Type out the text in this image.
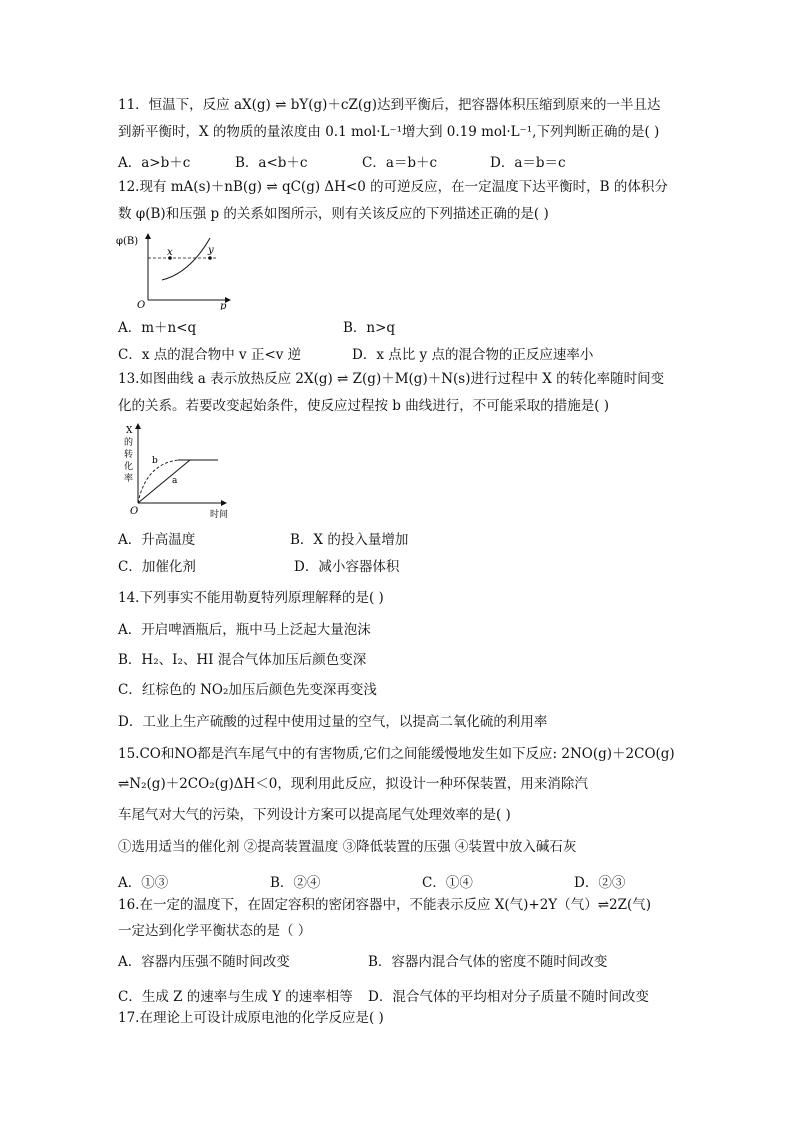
11．恒温下，反应 aX(g) ⇌ bY(g)＋cZ(g)达到平衡后，把容器体积压缩到原来的一半且达
到新平衡时，X 的物质的量浓度由 0.1 mol·L⁻¹增大到 0.19 mol·L⁻¹,下列判断正确的是( )
A．a>b＋c	B．a<b＋c	C．a＝b＋c	D．a＝b＝c
12.现有 mA(s)＋nB(g) ⇌ qC(g) ΔH<0 的可逆反应，在一定温度下达平衡时，B 的体积分
数 φ(B)和压强 p 的关系如图所示，则有关该反应的下列描述正确的是( )
x	y
φ(B)
O	p
A．m＋n<q	B．n>q
C．x 点的混合物中 v 正<v 逆	D．x 点比 y 点的混合物的正反应速率小
13.如图曲线 a 表示放热反应 2X(g) ⇌ Z(g)＋M(g)＋N(s)进行过程中 X 的转化率随时间变
化的关系。若要改变起始条件，使反应过程按 b 曲线进行，不可能采取的措施是( )
b
a
X
的
转
化
率
O	时间
A．升高温度	B．X 的投入量增加
C．加催化剂	D．减小容器体积
14.下列事实不能用勒夏特列原理解释的是( )
A．开启啤酒瓶后，瓶中马上泛起大量泡沫
B．H₂、I₂、HI 混合气体加压后颜色变深
C．红棕色的 NO₂加压后颜色先变深再变浅
D．工业上生产硫酸的过程中使用过量的空气，以提高二氧化硫的利用率
15.CO和NO都是汽车尾气中的有害物质,它们之间能缓慢地发生如下反应: 2NO(g)＋2CO(g)
⇌N₂(g)＋2CO₂(g)ΔH＜0，现利用此反应，拟设计一种环保装置，用来消除汽
车尾气对大气的污染，下列设计方案可以提高尾气处理效率的是( )
①选用适当的催化剂 ②提高装置温度 ③降低装置的压强 ④装置中放入碱石灰
A．①③	B．②④	C．①④	D．②③
16.在一定的温度下，在固定容积的密闭容器中，不能表示反应 X(气)+2Y（气）⇌2Z(气)
一定达到化学平衡状态的是（ ）
A．容器内压强不随时间改变	B．容器内混合气体的密度不随时间改变
C．生成 Z 的速率与生成 Y 的速率相等 D．混合气体的平均相对分子质量不随时间改变
17.在理论上可设计成原电池的化学反应是( )
